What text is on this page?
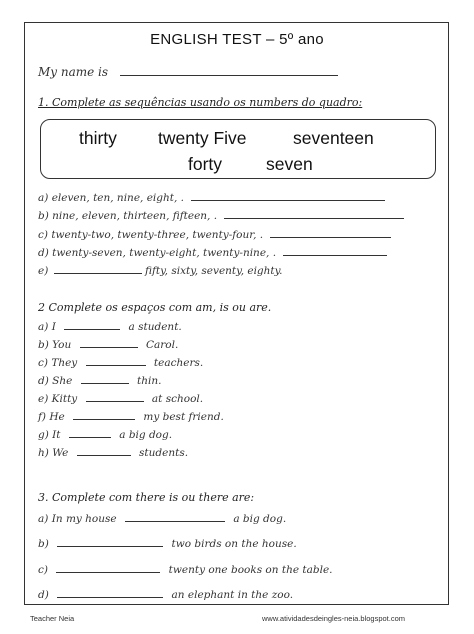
ENGLISH TEST – 5º ano
My name is
1. Complete as sequências usando os numbers do quadro:
thirty twenty Five	seventeen
forty	seven
a) eleven, ten, nine, eight, .
b) nine, eleven, thirteen, fifteen, .
c) twenty-two, twenty-three, twenty-four, .
d) twenty-seven, twenty-eight, twenty-nine, .
e)	fifty, sixty, seventy, eighty.
2 Complete os espaços com am, is ou are.
a) I	a student.
b) You	Carol.
c) They	teachers.
d) She	thin.
e) Kitty	at school.
f) He	my best friend.
g) It	a big dog.
h) We	students.
3. Complete com there is ou there are:
a) In my house	a big dog.
b)	two birds on the house.
c)	twenty one books on the table.
d)	an elephant in the zoo.
Teacher Neia	www.atividadesdeingles-neia.blogspot.com
